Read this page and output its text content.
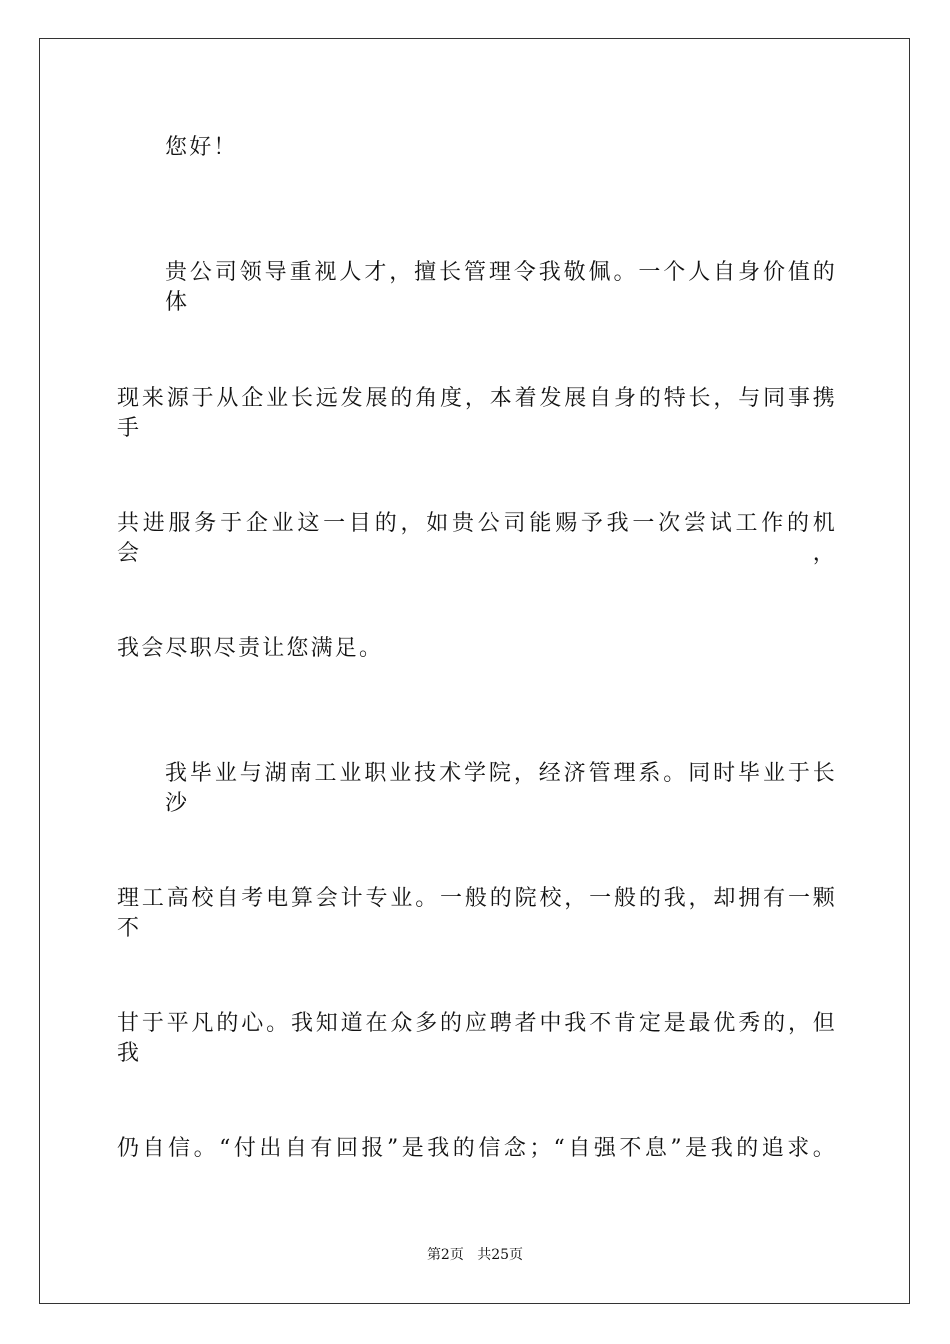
您好！
贵公司领导重视人才，擅长管理令我敬佩。一个人自身价值的体
现来源于从企业长远发展的角度，本着发展自身的特长，与同事携手
共进服务于企业这一目的，如贵公司能赐予我一次尝试工作的机会，
我会尽职尽责让您满足。
我毕业与湖南工业职业技术学院，经济管理系。同时毕业于长沙
理工高校自考电算会计专业。一般的院校，一般的我，却拥有一颗不
甘于平凡的心。我知道在众多的应聘者中我不肯定是最优秀的，但我
仍自信。“付出自有回报”是我的信念；“自强不息”是我的追求。
第2页 共25页
